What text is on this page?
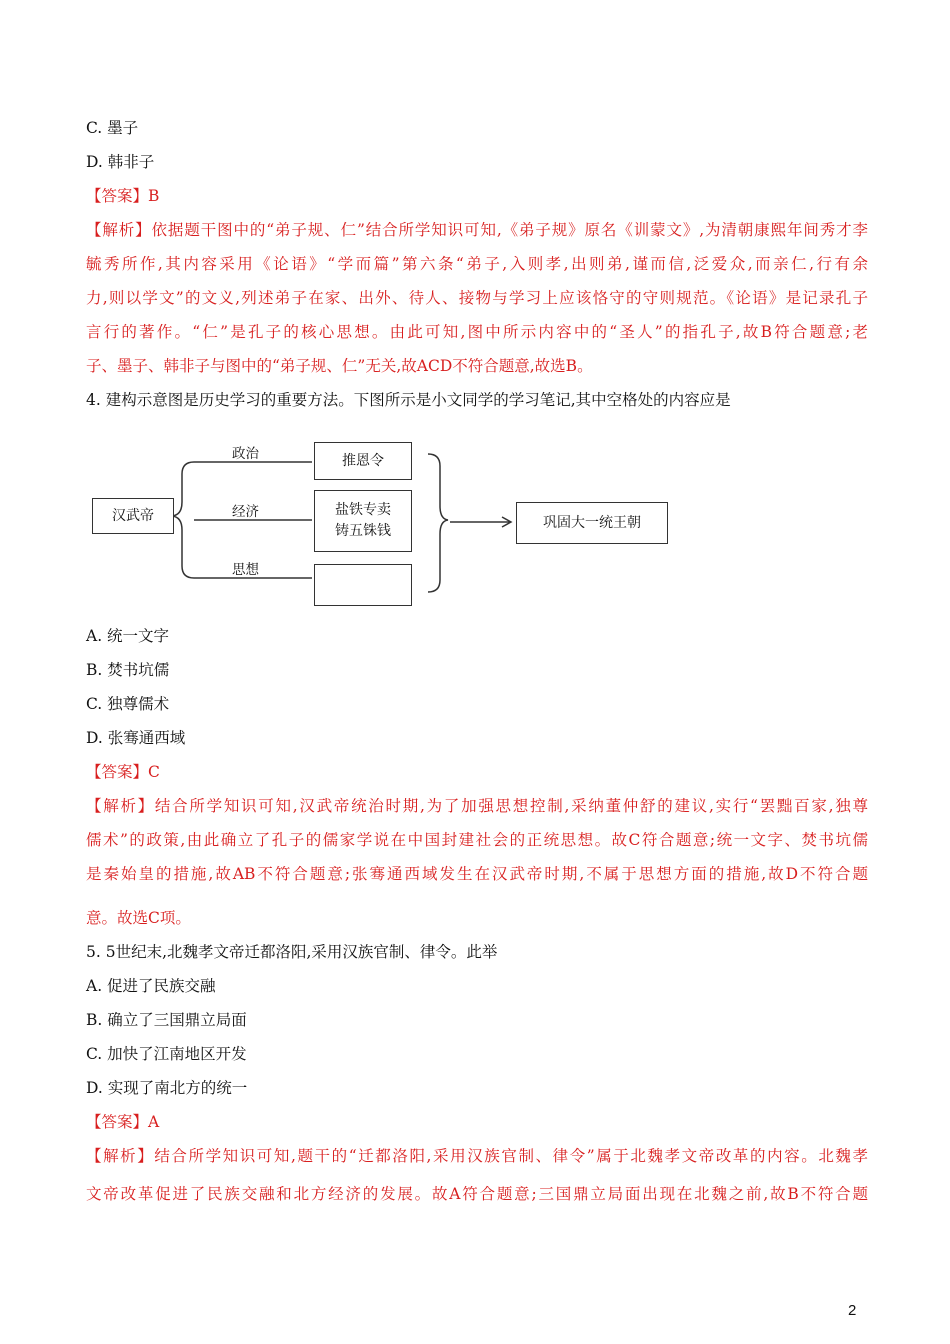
C. 墨子
D. 韩非子
【答案】B
【解析】依据题干图中的“弟子规、仁”结合所学知识可知,《弟子规》原名《训蒙文》,为清朝康熙年间秀才李
毓秀所作,其内容采用《论语》“学而篇”第六条“弟子,入则孝,出则弟,谨而信,泛爱众,而亲仁,行有余
力,则以学文”的文义,列述弟子在家、出外、待人、接物与学习上应该恪守的守则规范。《论语》是记录孔子
言行的著作。“仁”是孔子的核心思想。由此可知,图中所示内容中的“圣人”的指孔子,故B符合题意;老
子、墨子、韩非子与图中的“弟子规、仁”无关,故ACD不符合题意,故选B。
4. 建构示意图是历史学习的重要方法。下图所示是小文同学的学习笔记,其中空格处的内容应是
汉武帝
政治
经济
思想
推恩令
盐铁专卖
铸五铢钱
巩固大一统王朝
A. 统一文字
B. 焚书坑儒
C. 独尊儒术
D. 张骞通西域
【答案】C
【解析】结合所学知识可知,汉武帝统治时期,为了加强思想控制,采纳董仲舒的建议,实行“罢黜百家,独尊
儒术”的政策,由此确立了孔子的儒家学说在中国封建社会的正统思想。故C符合题意;统一文字、焚书坑儒
是秦始皇的措施,故AB不符合题意;张骞通西域发生在汉武帝时期,不属于思想方面的措施,故D不符合题
意。故选C项。
5. 5世纪末,北魏孝文帝迁都洛阳,采用汉族官制、律令。此举
A. 促进了民族交融
B. 确立了三国鼎立局面
C. 加快了江南地区开发
D. 实现了南北方的统一
【答案】A
【解析】结合所学知识可知,题干的“迁都洛阳,采用汉族官制、律令”属于北魏孝文帝改革的内容。北魏孝
文帝改革促进了民族交融和北方经济的发展。故A符合题意;三国鼎立局面出现在北魏之前,故B不符合题
2
